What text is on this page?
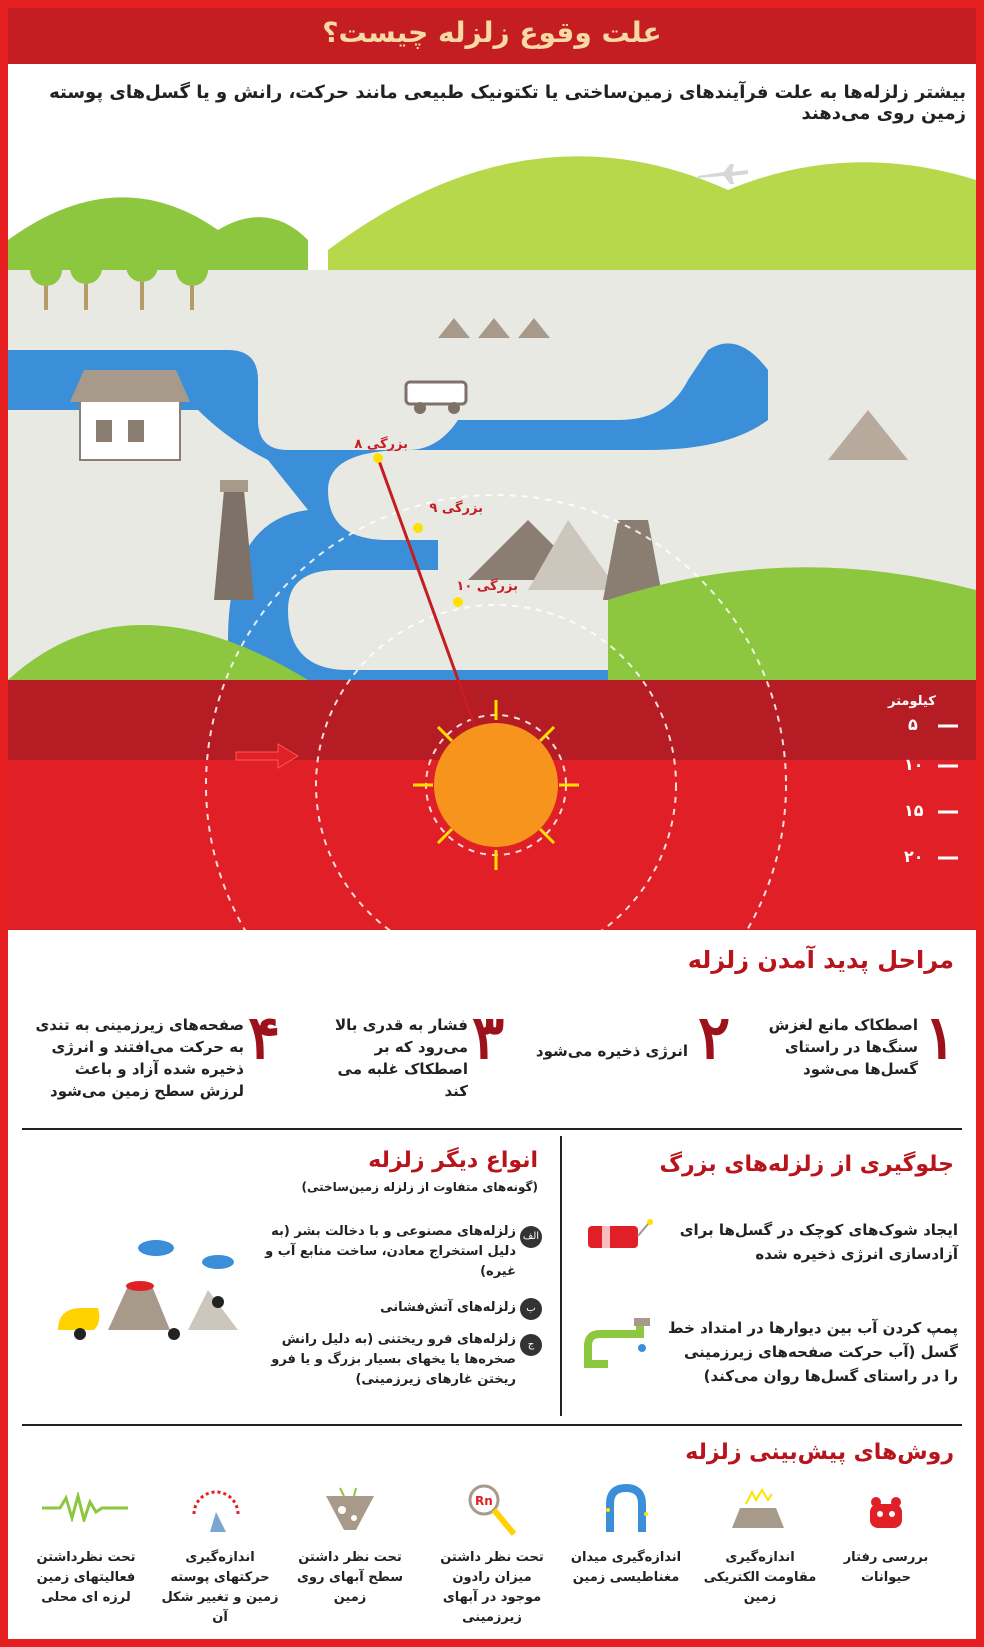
علت وقوع زلزله چیست؟
بیشتر زلزله‌ها به علت فرآیندهای زمین‌ساختی یا تکتونیک طبیعی مانند حرکت، رانش و یا گسل‌های پوسته زمین روی می‌دهند
بزرگی ۸
بزرگی ۹
بزرگی ۱۰
کیلومتر
۵
۱۰
۱۵
۲۰
مراحل پدید آمدن زلزله
۱
اصطکاک مانع لغزش سنگ‌ها در راستای گسل‌ها می‌شود
۲
انرژی ذخیره می‌شود
۳
فشار به قدری بالا می‌رود که بر اصطکاک غلبه می کند
۴
صفحه‌های زیرزمینی به تندی به حرکت می‌افتند و انرژی ذخیره شده آزاد و باعث لرزش سطح زمین می‌شود
جلوگیری از زلزله‌های بزرگ
ایجاد شوک‌های کوچک در گسل‌ها برای آزادسازی انرژی ذخیره شده
پمپ کردن آب بین دیوارها در امتداد خط گسل (آب حرکت صفحه‌های زیرزمینی را در راستای گسل‌ها روان می‌کند)
انواع دیگر زلزله
(گونه‌های متفاوت از زلزله زمین‌ساختی)
الف
زلزله‌های مصنوعی و با دخالت بشر (به دلیل استخراج معادن، ساخت منابع آب و غیره)
ب
زلزله‌های آتش‌فشانی
ج
زلزله‌های فرو ریختنی (به دلیل رانش صخره‌ها یا یخهای بسیار بزرگ و یا فرو ریختن غارهای زیرزمینی)
روش‌های پیش‌بینی زلزله
بررسی رفتار حیوانات
اندازه‌گیری مقاومت الکتریکی زمین
اندازه‌گیری میدان مغناطیسی زمین
Rn
تحت نظر داشتن میزان رادون موجود در آبهای زیرزمینی
تحت نظر داشتن سطح آبهای روی زمین
اندازه‌گیری حرکتهای پوسته زمین و تغییر شکل آن
تحت نظرداشتن فعالیتهای زمین لرزه ای محلی
